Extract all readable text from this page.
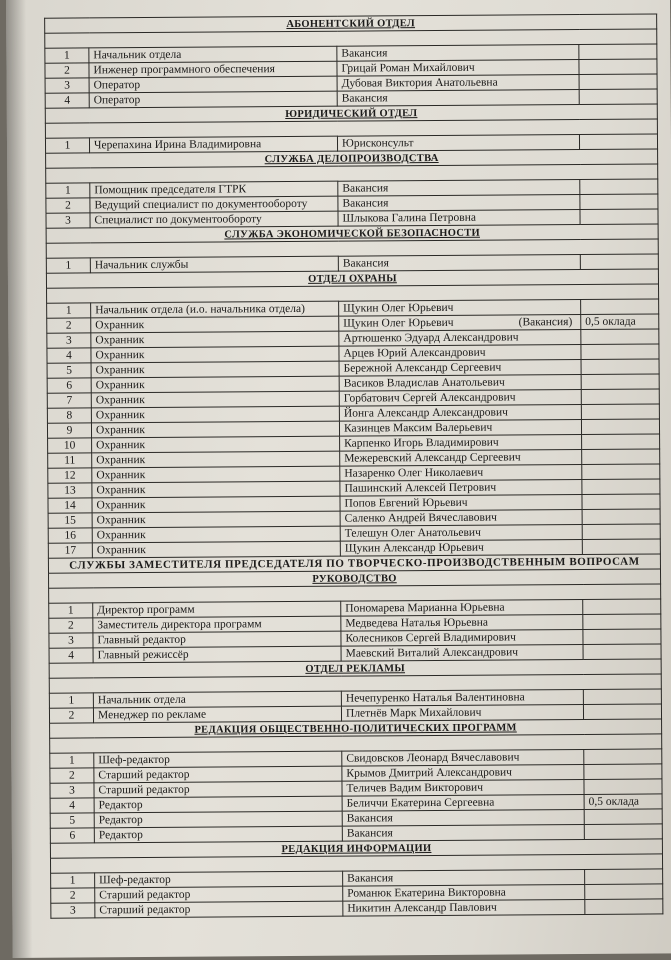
АБОНЕНТСКИЙ ОТДЕЛ			

1	Начальник отдела	Вакансия	
2	Инженер программного обеспечения	Грицай Роман Михайлович	
3	Оператор	Дубовая Виктория Анатольевна	
4	Оператор	Вакансия	
ЮРИДИЧЕСКИЙ ОТДЕЛ			

1	Черепахина Ирина Владимировна	Юрисконсульт	
СЛУЖБА ДЕЛОПРОИЗВОДСТВА			

1	Помощник председателя ГТРК	Вакансия	
2	Ведущий специалист по документообороту	Вакансия	
3	Специалист по документообороту	Шлыкова Галина Петровна	
СЛУЖБА ЭКОНОМИЧЕСКОЙ БЕЗОПАСНОСТИ			

1	Начальник службы	Вакансия	
ОТДЕЛ ОХРАНЫ			

1	Начальник отдела (и.о. начальника отдела)	Щукин Олег Юрьевич	
2	Охранник	Щукин Олег Юрьевич (Вакансия)	0,5 оклада
3	Охранник	Артюшенко Эдуард Александрович	
4	Охранник	Арцев Юрий Александрович	
5	Охранник	Бережной Александр Сергеевич	
6	Охранник	Васиков Владислав Анатольевич	
7	Охранник	Горбатович Сергей Александрович	
8	Охранник	Йонга Александр Александрович	
9	Охранник	Казинцев Максим Валерьевич	
10	Охранник	Карпенко Игорь Владимирович	
11	Охранник	Межеревский Александр Сергеевич	
12	Охранник	Назаренко Олег Николаевич	
13	Охранник	Пашинский Алексей Петрович	
14	Охранник	Попов Евгений Юрьевич	
15	Охранник	Саленко Андрей Вячеславович	
16	Охранник	Телешун Олег Анатольевич	
17	Охранник	Щукин Александр Юрьевич	
СЛУЖБЫ ЗАМЕСТИТЕЛЯ ПРЕДСЕДАТЕЛЯ ПО ТВОРЧЕСКО-ПРОИЗВОДСТВЕННЫМ ВОПРОСАМ			
РУКОВОДСТВО			

1	Директор программ	Пономарева Марианна Юрьевна	
2	Заместитель директора программ	Медведева Наталья Юрьевна	
3	Главный редактор	Колесников Сергей Владимирович	
4	Главный режиссёр	Маевский Виталий Александрович	
ОТДЕЛ РЕКЛАМЫ			

1	Начальник отдела	Нечепуренко Наталья Валентиновна	
2	Менеджер по рекламе	Плетнёв Марк Михайлович	
РЕДАКЦИЯ ОБЩЕСТВЕННО-ПОЛИТИЧЕСКИХ ПРОГРАММ			

1	Шеф-редактор	Свидовсков Леонард Вячеславович	
2	Старший редактор	Крымов Дмитрий Александрович	
3	Старший редактор	Теличев Вадим Викторович	
4	Редактор	Беличчи Екатерина Сергеевна	0,5 оклада
5	Редактор	Вакансия	
6	Редактор	Вакансия	
РЕДАКЦИЯ ИНФОРМАЦИИ			

1	Шеф-редактор	Вакансия	
2	Старший редактор	Романюк Екатерина Викторовна	
3	Старший редактор	Никитин Александр Павлович	
